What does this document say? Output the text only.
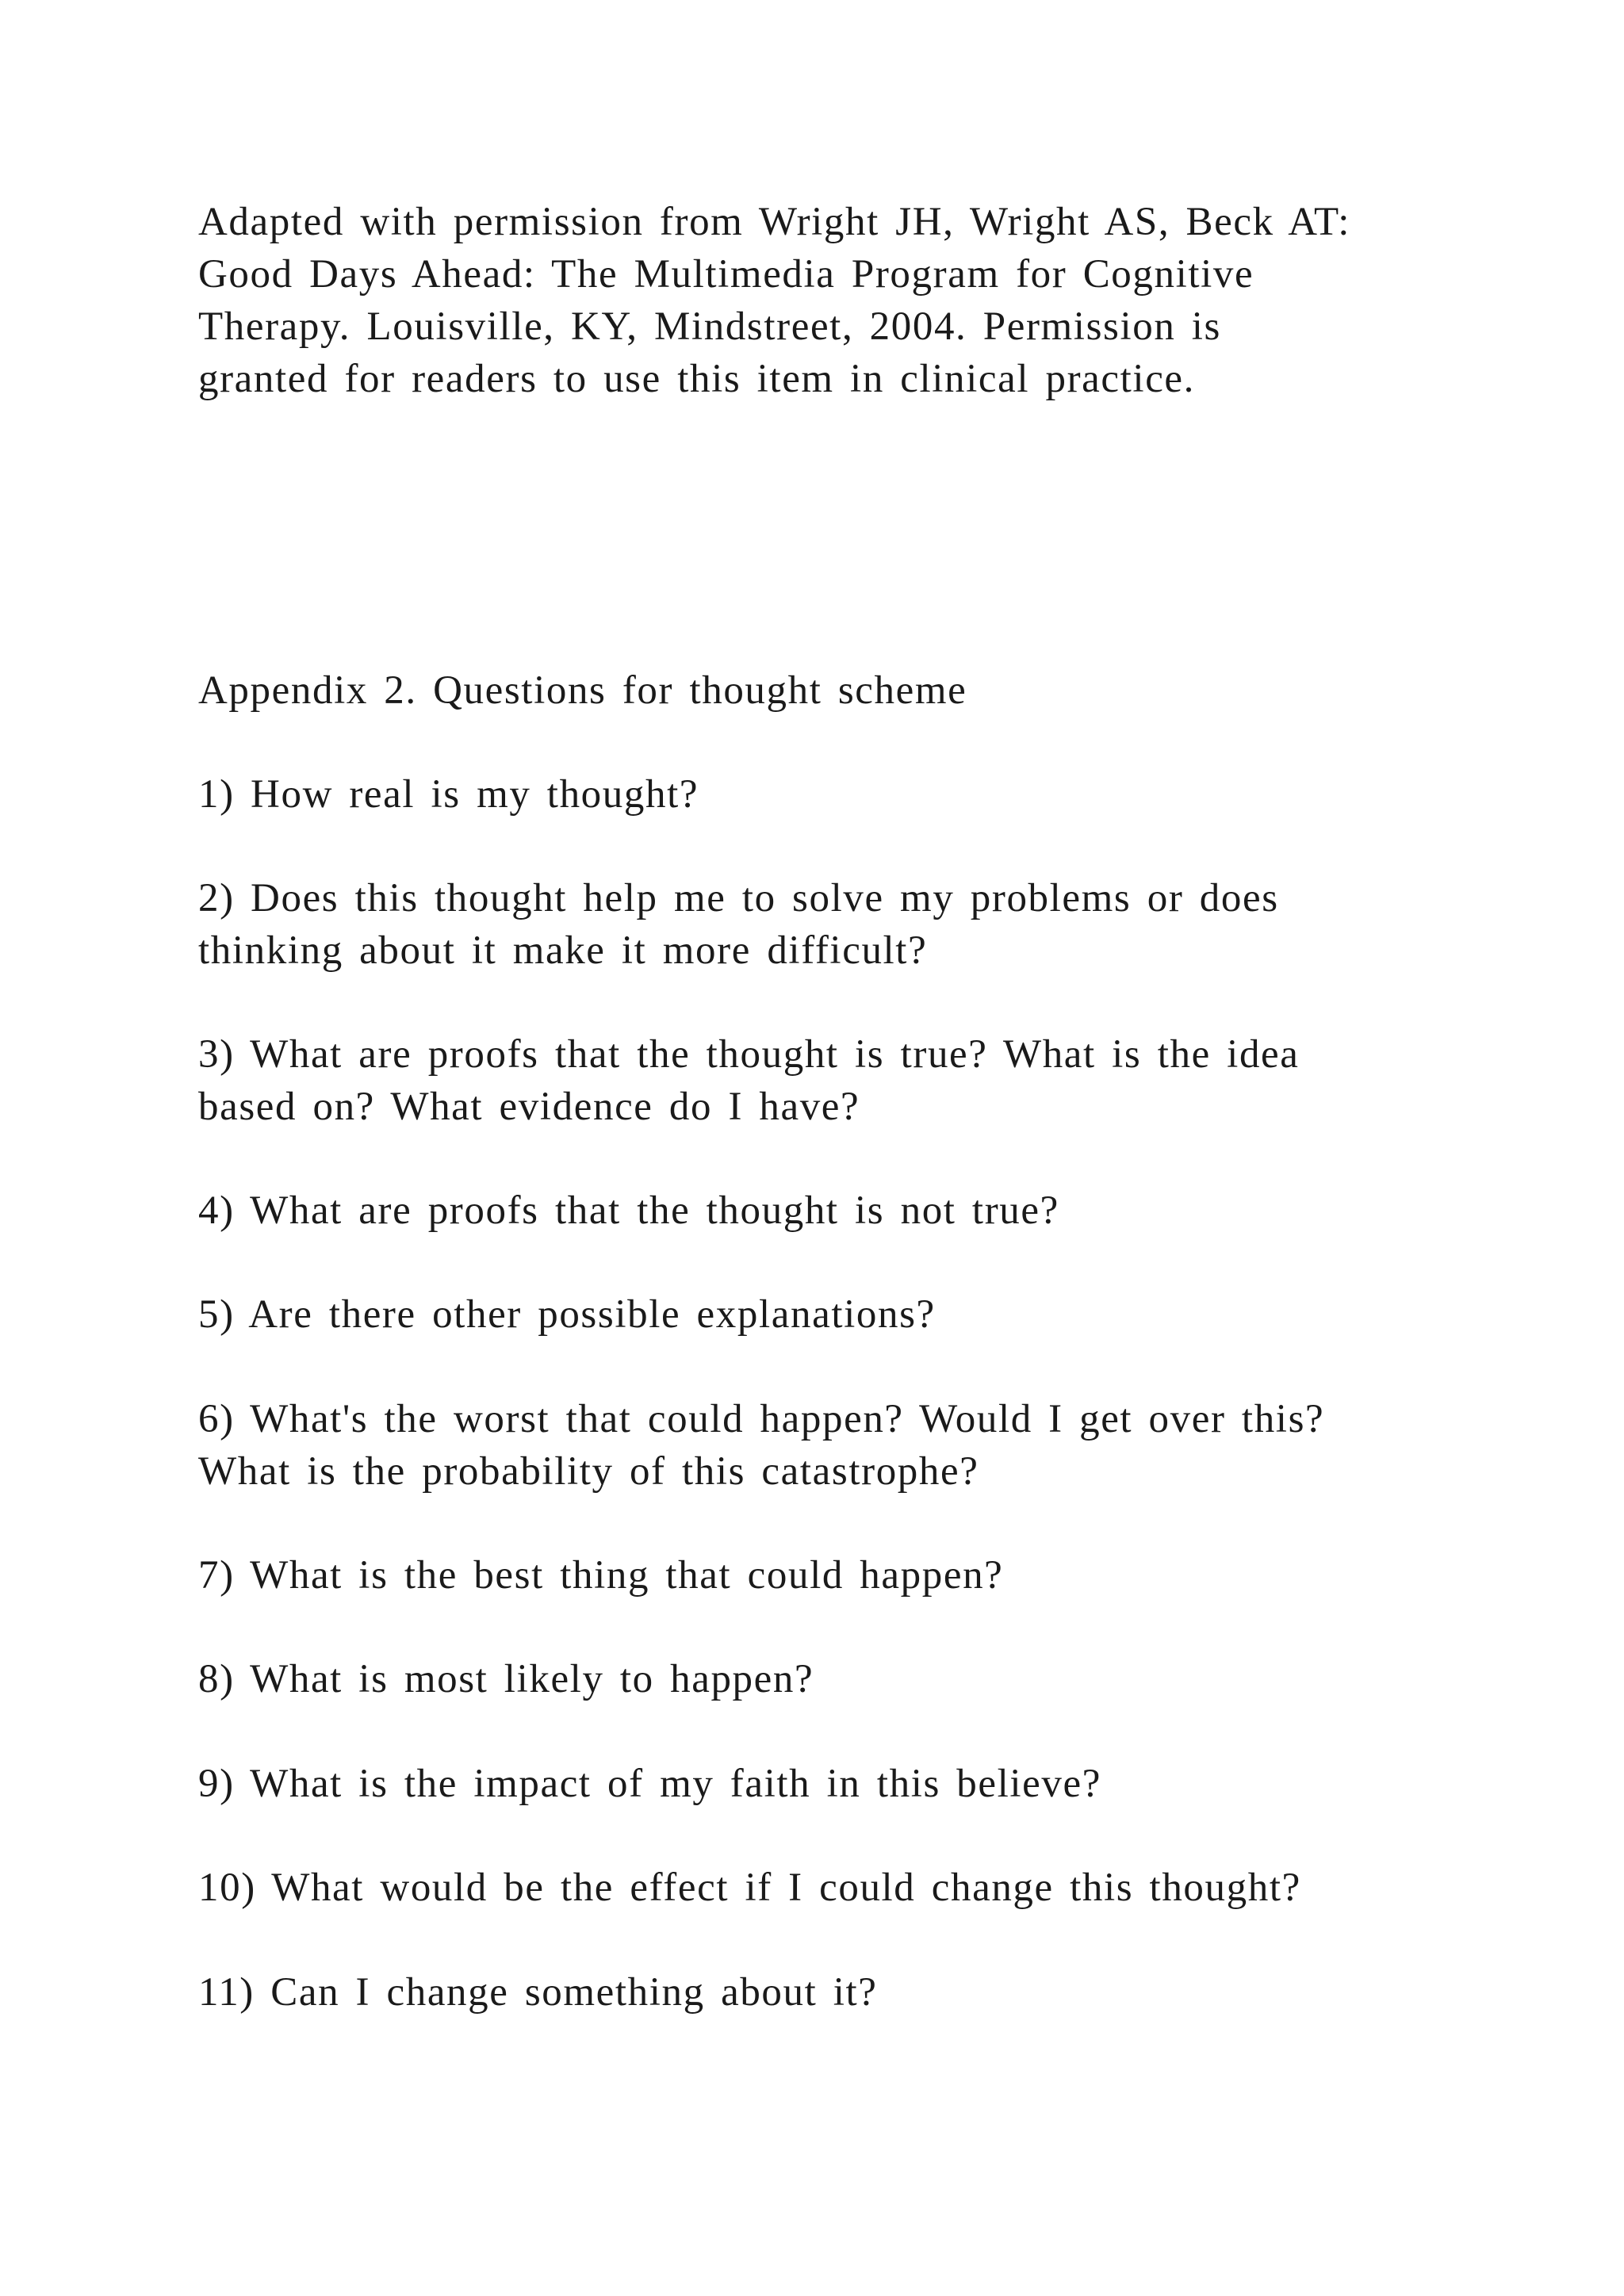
Adapted with permission from Wright JH, Wright AS, Beck AT:

Good Days Ahead: The Multimedia Program for Cognitive

Therapy. Louisville, KY, Mindstreet, 2004. Permission is

granted for readers to use this item in clinical practice.

Appendix 2. Questions for thought scheme

1) How real is my thought?

2) Does this thought help me to solve my problems or does

thinking about it make it more difficult?

3) What are proofs that the thought is true? What is the idea

based on? What evidence do I have?

4) What are proofs that the thought is not true?

5) Are there other possible explanations?

6) What's the worst that could happen? Would I get over this?

What is the probability of this catastrophe?

7) What is the best thing that could happen?

8) What is most likely to happen?

9) What is the impact of my faith in this believe?

10) What would be the effect if I could change this thought?

11) Can I change something about it?
